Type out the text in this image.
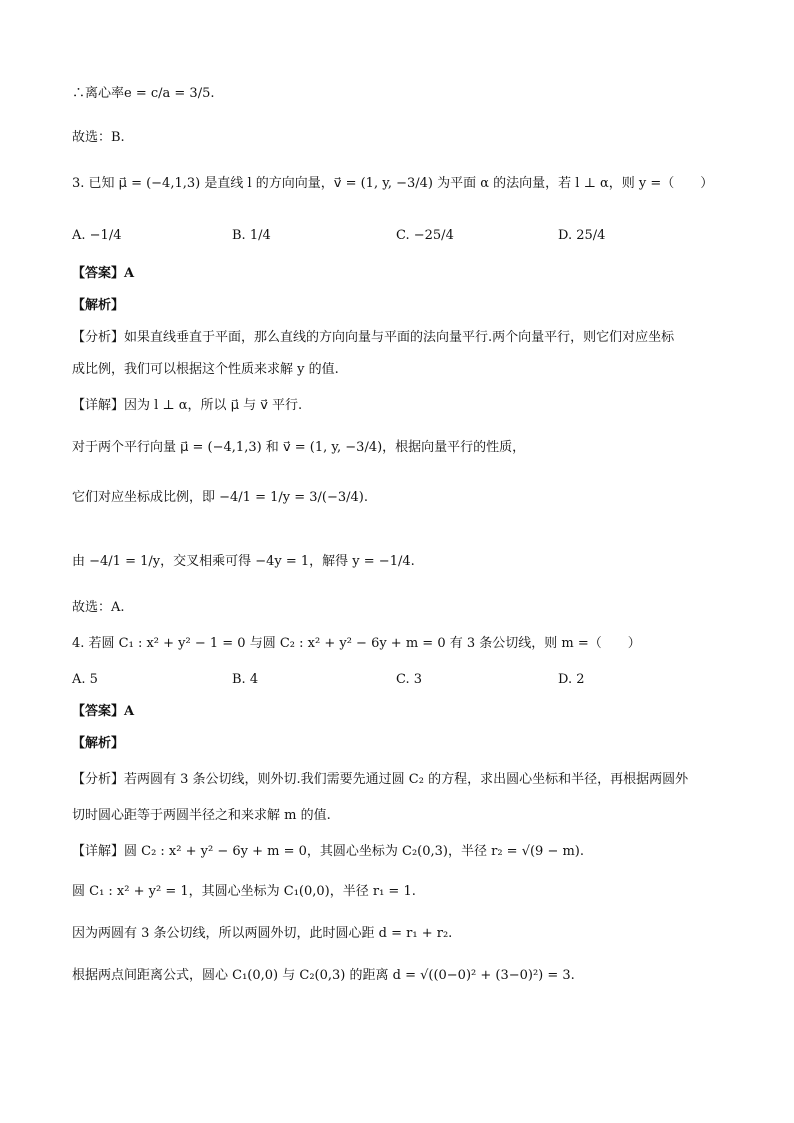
∴离心率e = c/a = 3/5.
故选：B.
3. 已知 μ⃗ = (−4,1,3) 是直线 l 的方向向量，v⃗ = (1, y, −3/4) 为平面 α 的法向量，若 l ⊥ α，则 y =（　　）
A. −1/4	B. 1/4	C. −25/4	D. 25/4
【答案】A
【解析】
【分析】如果直线垂直于平面，那么直线的方向向量与平面的法向量平行.两个向量平行，则它们对应坐标
成比例，我们可以根据这个性质来求解 y 的值.
【详解】因为 l ⊥ α，所以 μ⃗ 与 v⃗ 平行.
对于两个平行向量 μ⃗ = (−4,1,3) 和 v⃗ = (1, y, −3/4)，根据向量平行的性质，
它们对应坐标成比例，即 −4/1 = 1/y = 3/(−3/4).
由 −4/1 = 1/y，交叉相乘可得 −4y = 1，解得 y = −1/4.
故选：A.
4. 若圆 C₁ : x² + y² − 1 = 0 与圆 C₂ : x² + y² − 6y + m = 0 有 3 条公切线，则 m =（　　）
A. 5	B. 4	C. 3	D. 2
【答案】A
【解析】
【分析】若两圆有 3 条公切线，则外切.我们需要先通过圆 C₂ 的方程，求出圆心坐标和半径，再根据两圆外
切时圆心距等于两圆半径之和来求解 m 的值.
【详解】圆 C₂ : x² + y² − 6y + m = 0，其圆心坐标为 C₂(0,3)，半径 r₂ = √(9 − m).
圆 C₁ : x² + y² = 1，其圆心坐标为 C₁(0,0)，半径 r₁ = 1.
因为两圆有 3 条公切线，所以两圆外切，此时圆心距 d = r₁ + r₂.
根据两点间距离公式，圆心 C₁(0,0) 与 C₂(0,3) 的距离 d = √((0−0)² + (3−0)²) = 3.
